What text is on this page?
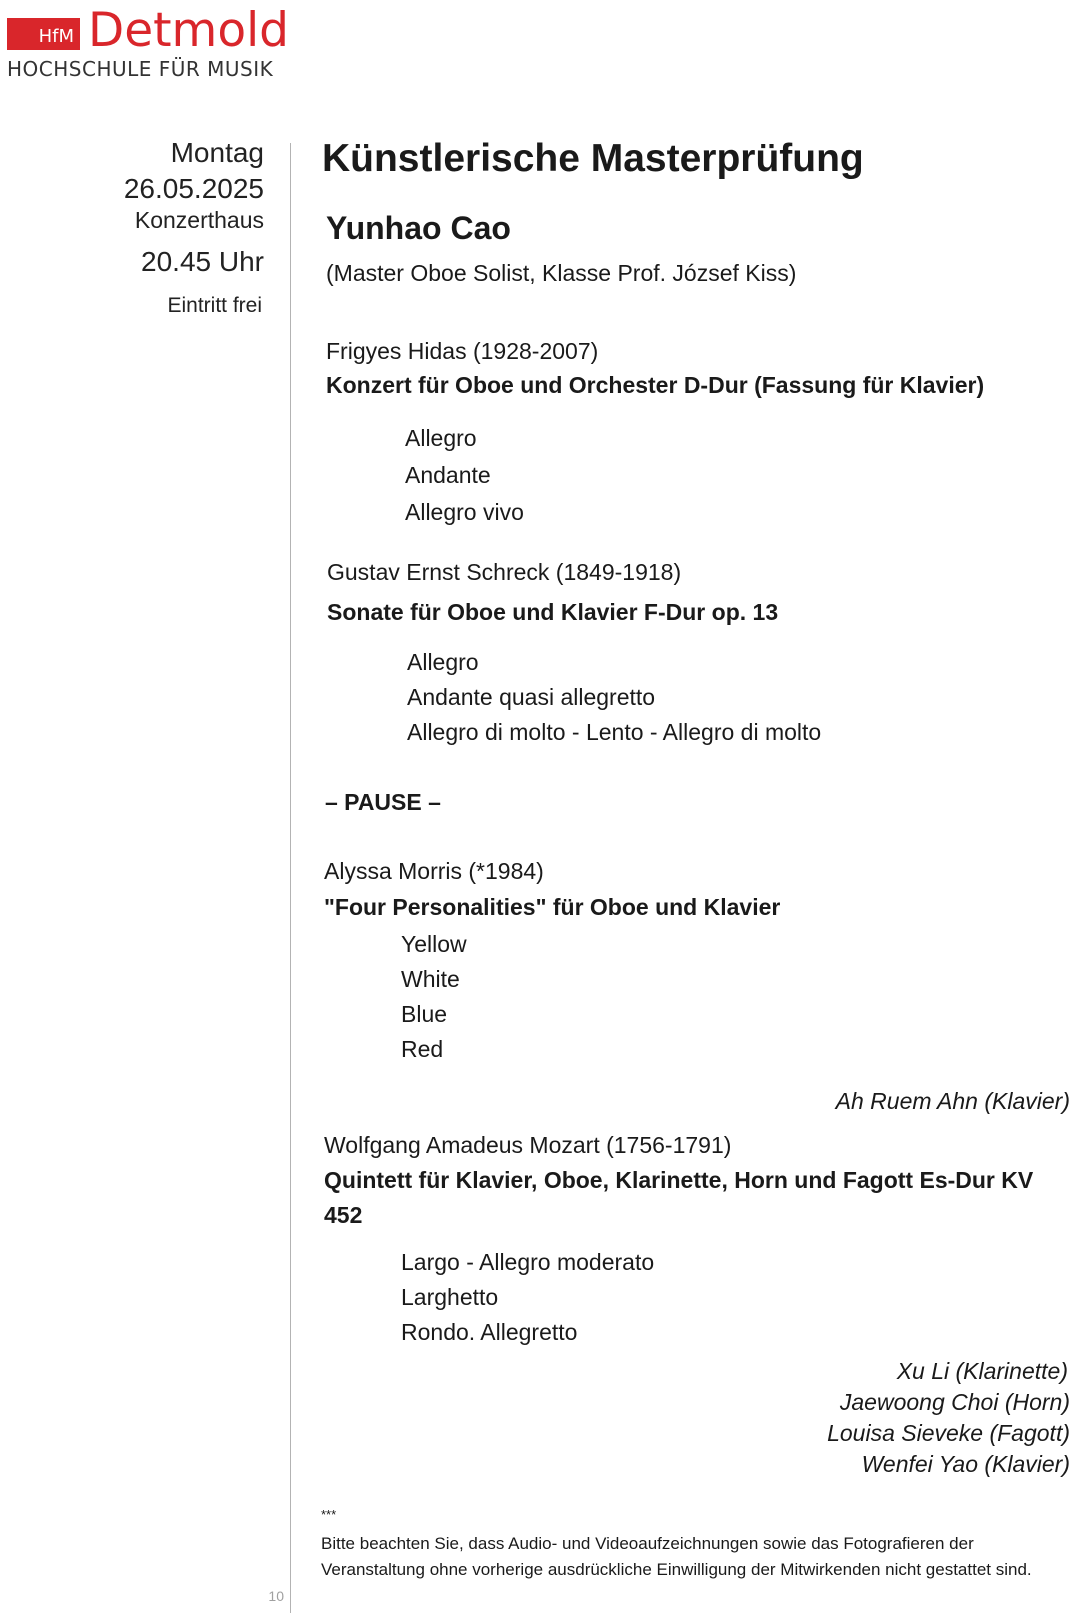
HfM Detmold
HOCHSCHULE FÜR MUSIK
Montag
26.05.2025
Konzerthaus
20.45 Uhr
Eintritt frei
Künstlerische Masterprüfung
Yunhao Cao
(Master Oboe Solist, Klasse Prof. József Kiss)
Frigyes Hidas (1928-2007)
Konzert für Oboe und Orchester D-Dur (Fassung für Klavier)
Allegro
Andante
Allegro vivo
Gustav Ernst Schreck (1849-1918)
Sonate für Oboe und Klavier F-Dur op. 13
Allegro
Andante quasi allegretto
Allegro di molto - Lento - Allegro di molto
– PAUSE –
Alyssa Morris (*1984)
"Four Personalities" für Oboe und Klavier
Yellow
White
Blue
Red
Ah Ruem Ahn (Klavier)
Wolfgang Amadeus Mozart (1756-1791)
Quintett für Klavier, Oboe, Klarinette, Horn und Fagott Es-Dur KV
452
Largo - Allegro moderato
Larghetto
Rondo. Allegretto
Xu Li (Klarinette)
Jaewoong Choi (Horn)
Louisa Sieveke (Fagott)
Wenfei Yao (Klavier)
***
Bitte beachten Sie, dass Audio- und Videoaufzeichnungen sowie das Fotografieren der Veranstaltung ohne vorherige ausdrückliche Einwilligung der Mitwirkenden nicht gestattet sind.
10
